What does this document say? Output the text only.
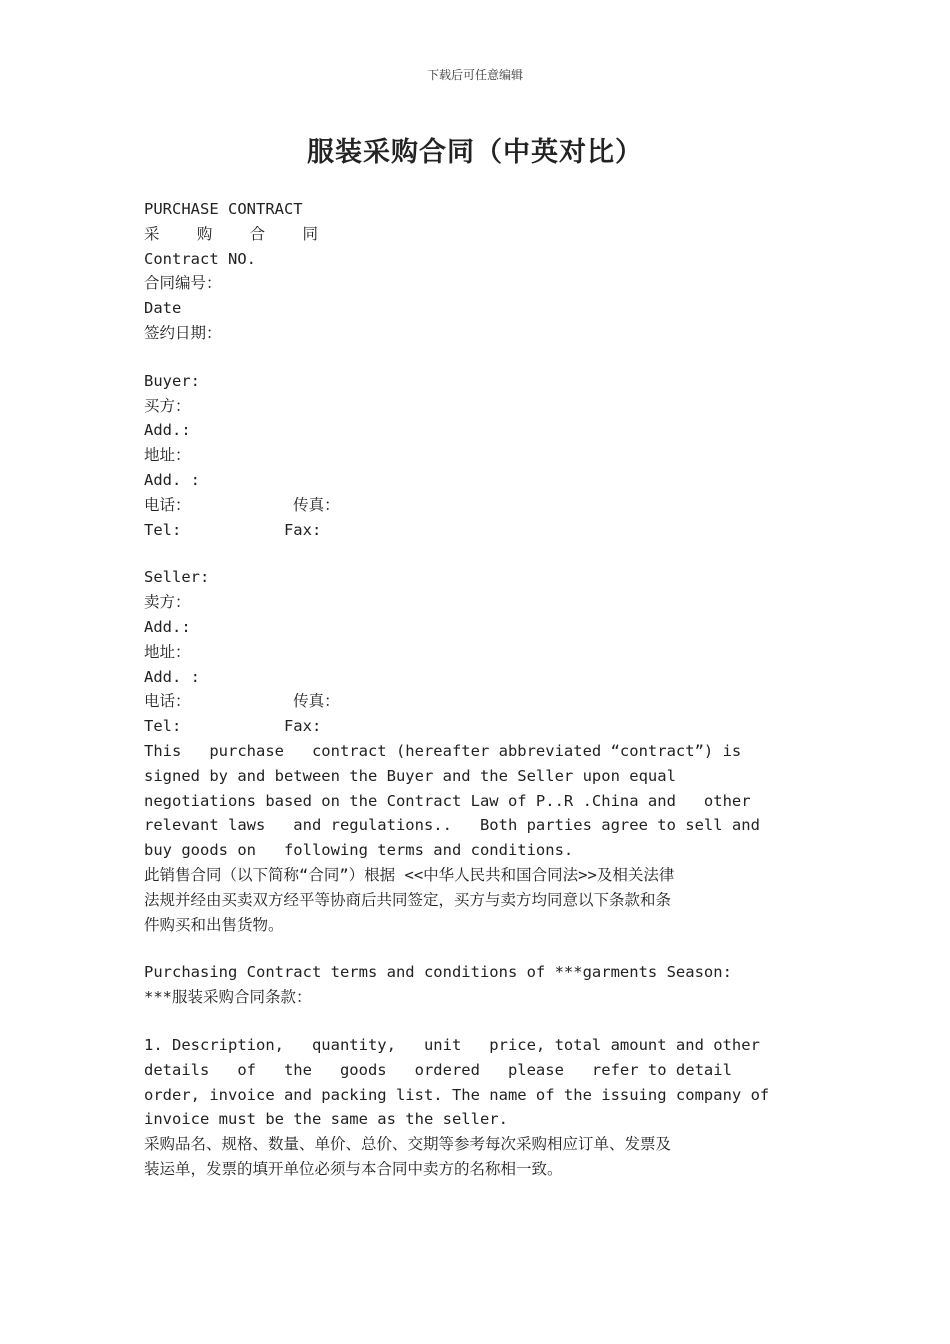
下载后可任意编辑
服装采购合同（中英对比）
PURCHASE CONTRACT
采    购    合    同
Contract NO.
合同编号：
Date
签约日期：
Buyer:
买方：
Add.:
地址：
Add. :
电话：           传真：
Tel:           Fax:
Seller:
卖方：
Add.:
地址：
Add. :
电话：           传真：
Tel:           Fax:
This   purchase   contract (hereafter abbreviated “contract”) is
signed by and between the Buyer and the Seller upon equal
negotiations based on the Contract Law of P..R .China and   other
relevant laws   and regulations..   Both parties agree to sell and
buy goods on   following terms and conditions.
此销售合同（以下简称“合同”）根据 <<中华人民共和国合同法>>及相关法律
法规并经由买卖双方经平等协商后共同签定，买方与卖方均同意以下条款和条
件购买和出售货物。
Purchasing Contract terms and conditions of ***garments Season:
***服装采购合同条款：
1. Description,   quantity,   unit   price, total amount and other
details   of   the   goods   ordered   please   refer to detail
order, invoice and packing list. The name of the issuing company of
invoice must be the same as the seller.
采购品名、规格、数量、单价、总价、交期等参考每次采购相应订单、发票及
装运单，发票的填开单位必须与本合同中卖方的名称相一致。
